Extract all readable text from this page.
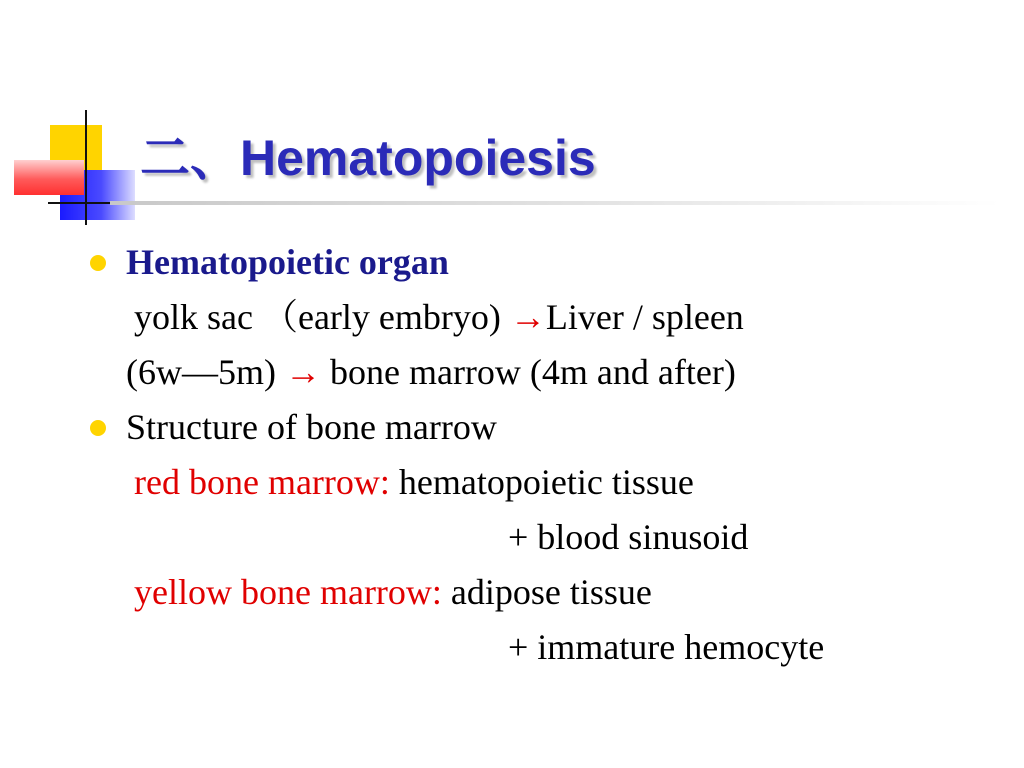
二、Hematopoiesis
Hematopoietic organ
yolk sac （early embryo) →Liver / spleen
(6w—5m) → bone marrow (4m and after)
Structure of bone marrow
red bone marrow: hematopoietic tissue
+ blood sinusoid
yellow bone marrow: adipose tissue
+ immature hemocyte
